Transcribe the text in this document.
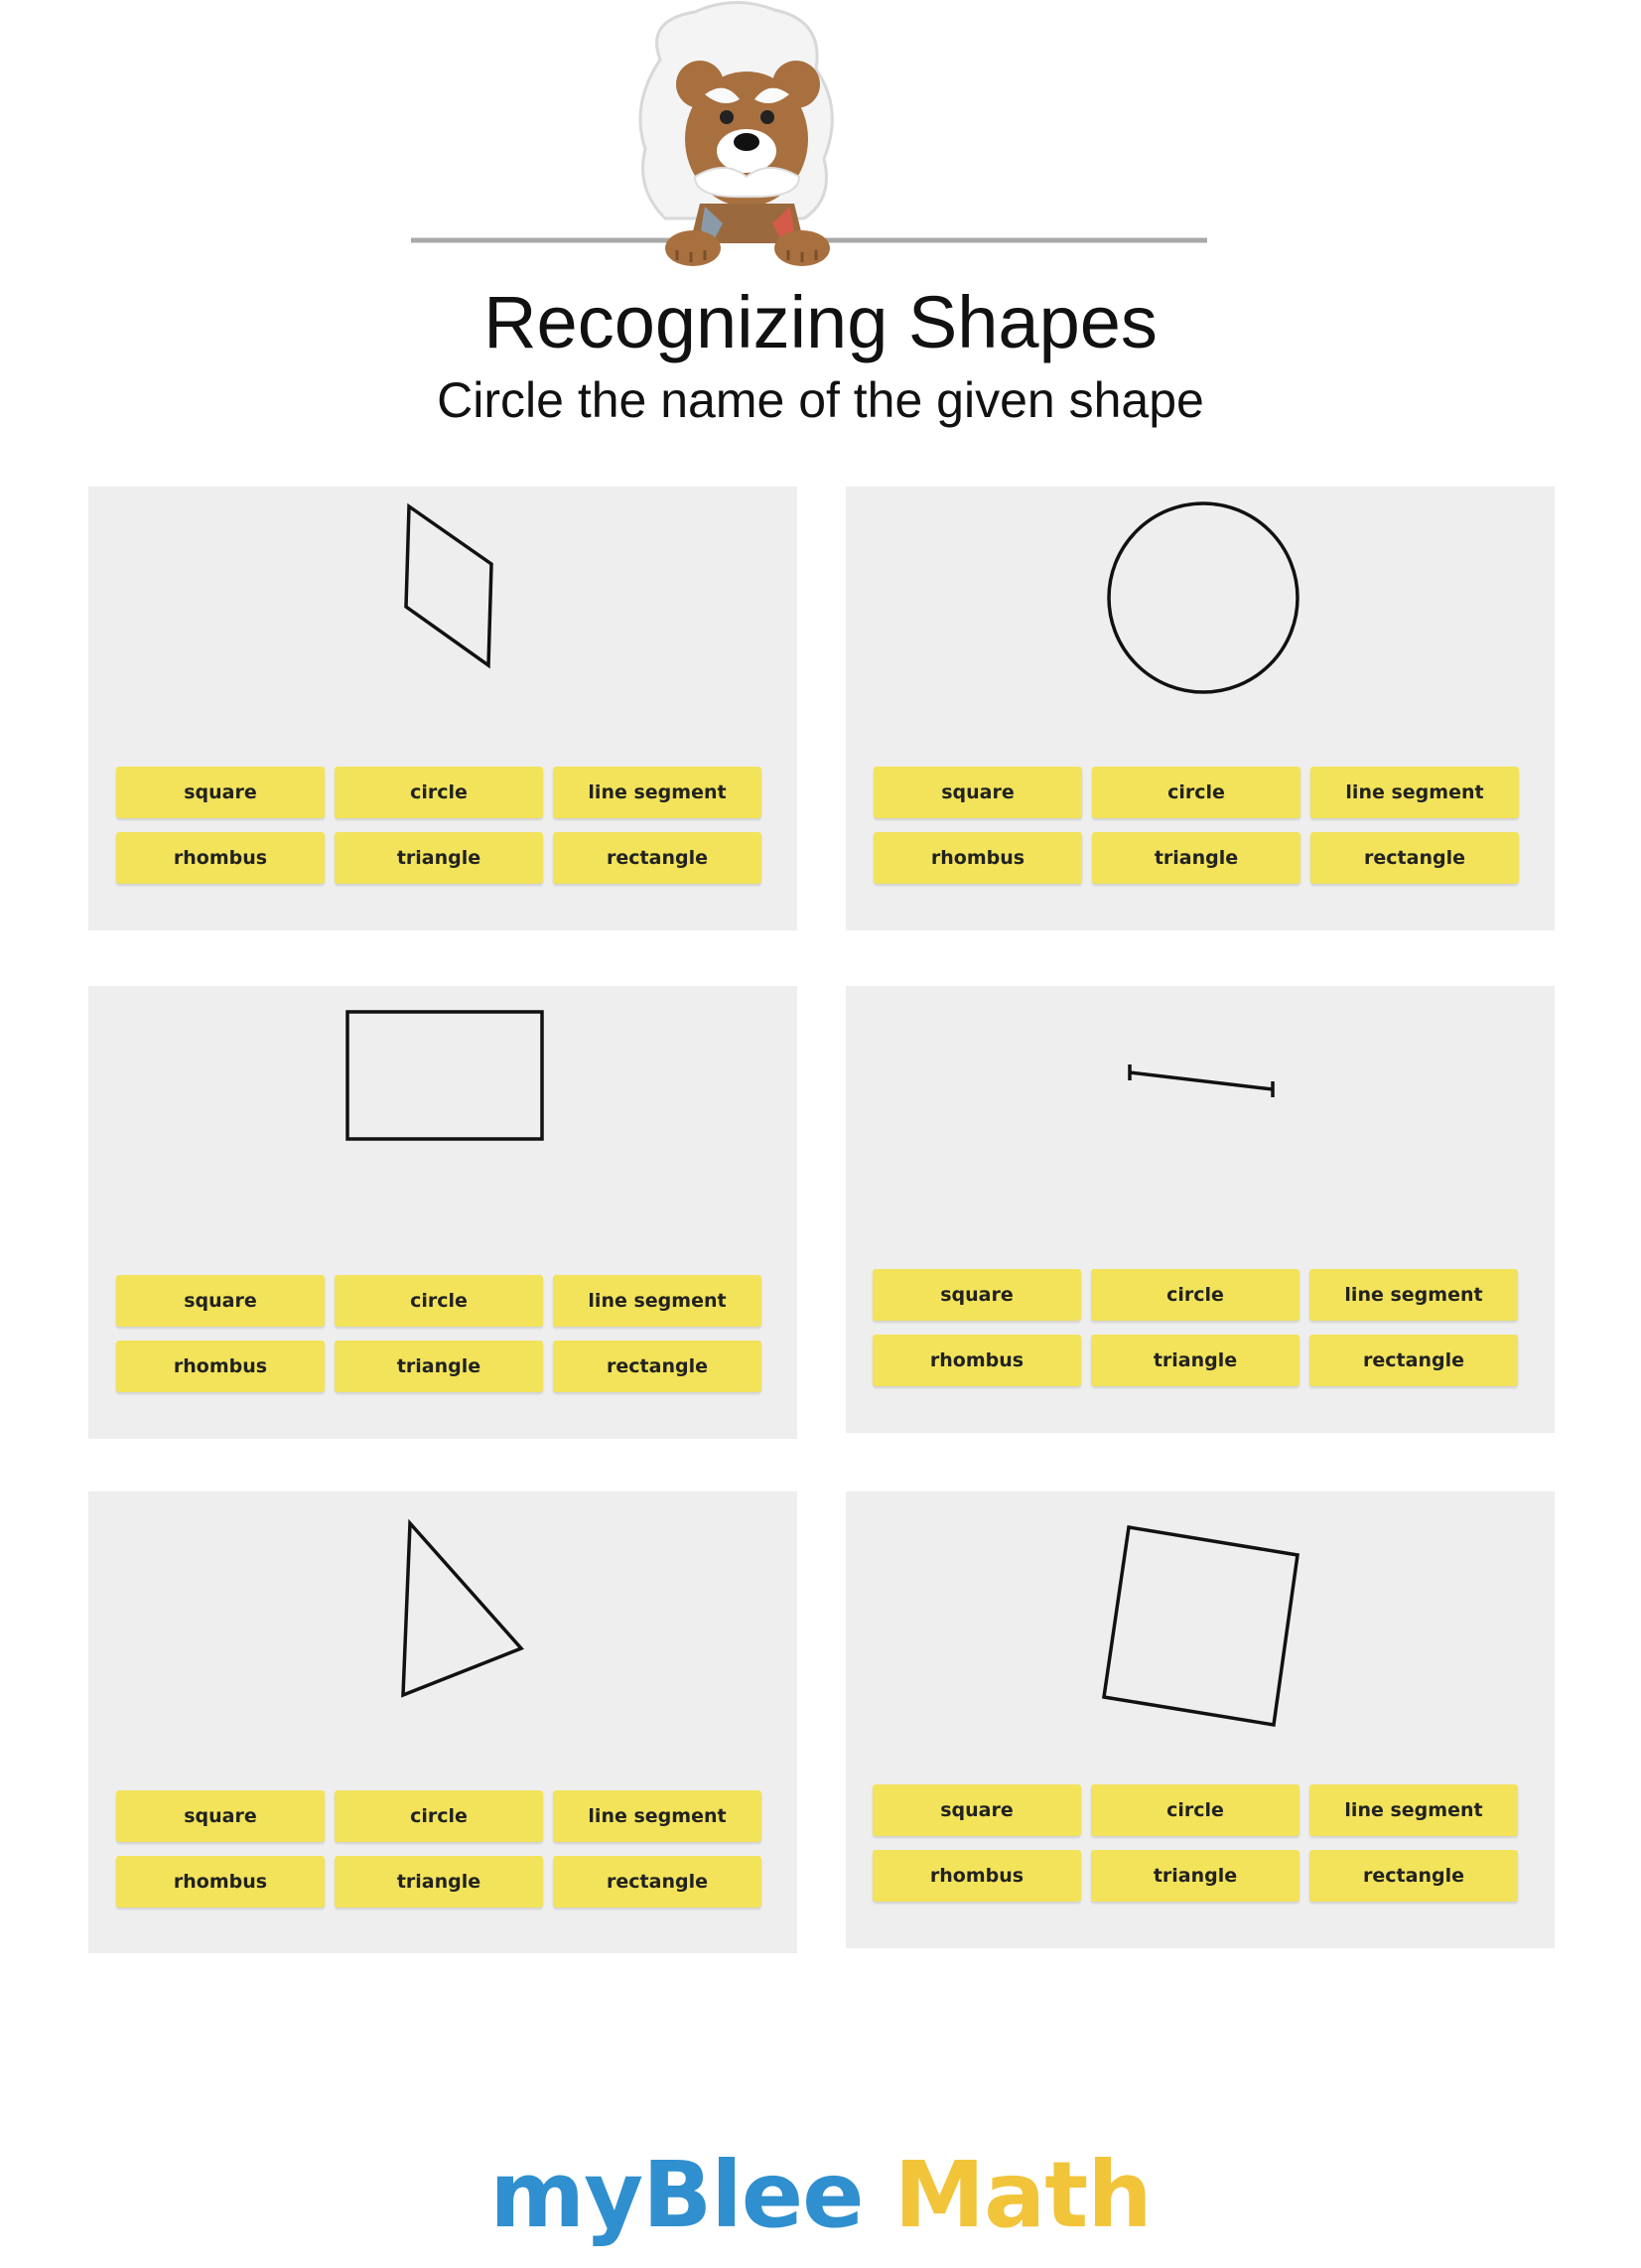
Recognizing Shapes
Circle the name of the given shape
square	circle	line segment
rhombus	triangle	rectangle
square	circle	line segment
rhombus	triangle	rectangle
square	circle	line segment
rhombus	triangle	rectangle
square	circle	line segment
rhombus	triangle	rectangle
square	circle	line segment
rhombus	triangle	rectangle
square	circle	line segment
rhombus	triangle	rectangle
myBlee Math
